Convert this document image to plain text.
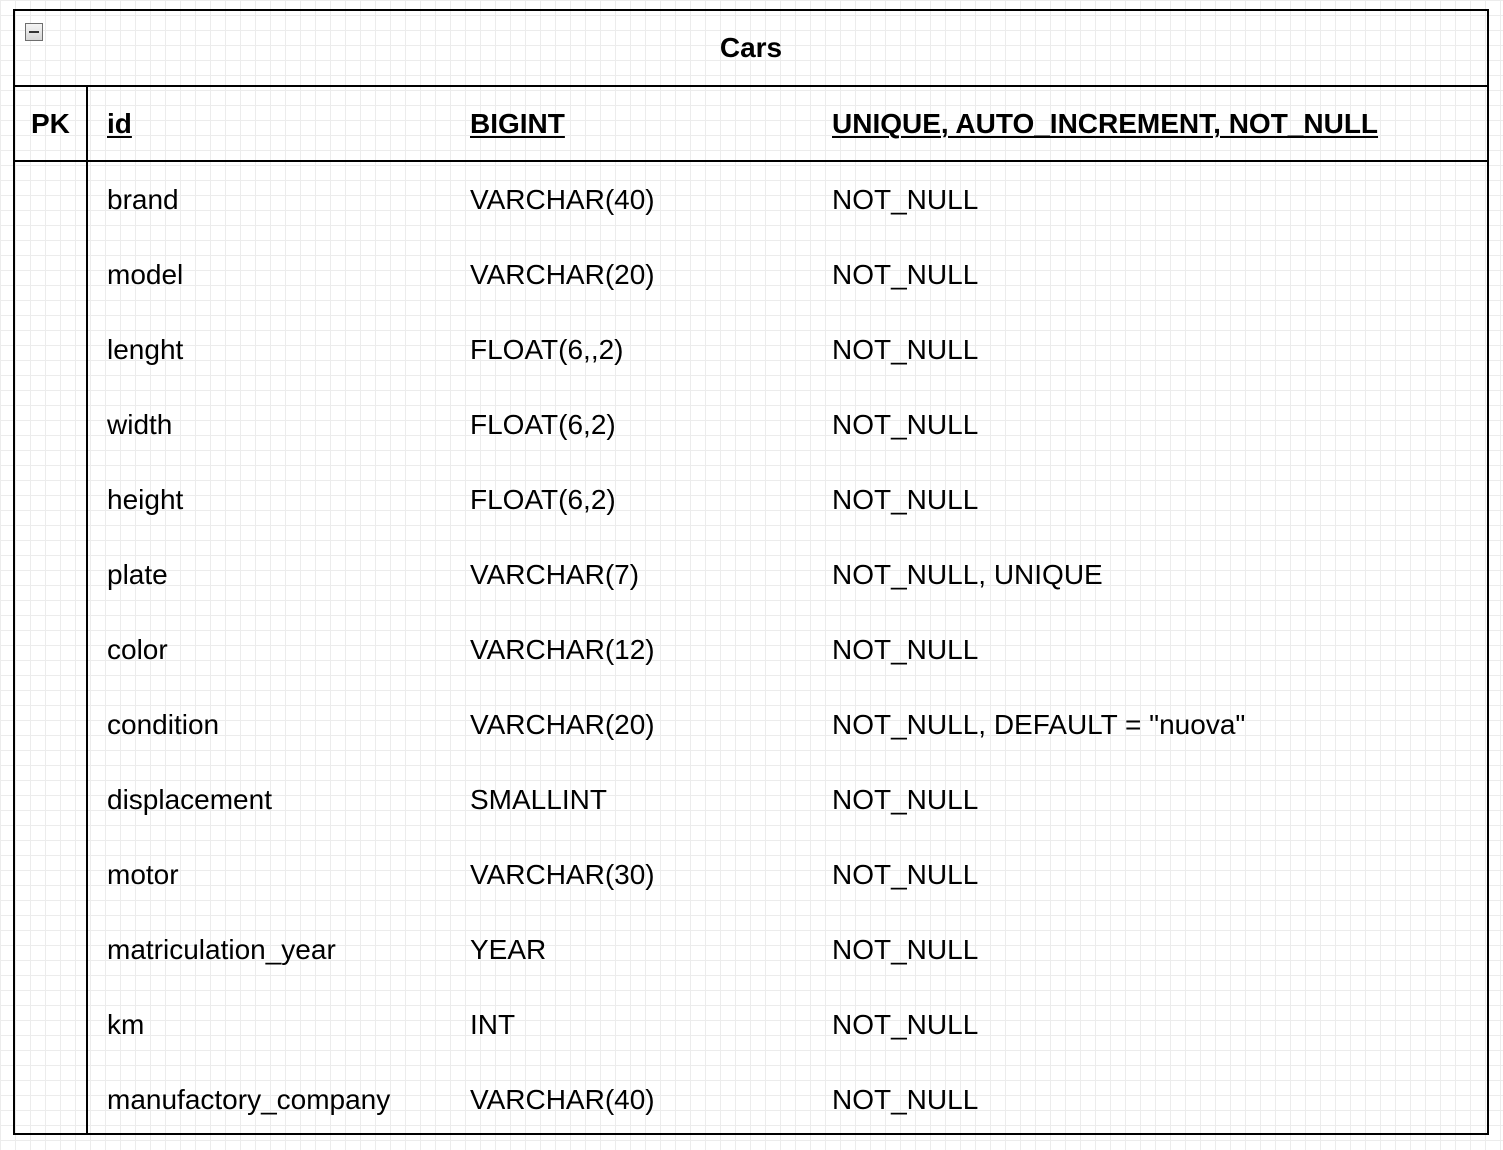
Cars
PK id	BIGINT	UNIQUE, AUTO_INCREMENT, NOT_NULL
brand	VARCHAR(40)	NOT_NULL
model	VARCHAR(20)	NOT_NULL
lenght	FLOAT(6,,2)	NOT_NULL
width	FLOAT(6,2)	NOT_NULL
height	FLOAT(6,2)	NOT_NULL
plate	VARCHAR(7)	NOT_NULL, UNIQUE
color	VARCHAR(12)	NOT_NULL
condition	VARCHAR(20)	NOT_NULL, DEFAULT = "nuova"
displacement	SMALLINT	NOT_NULL
motor	VARCHAR(30)	NOT_NULL
matriculation_year	YEAR	NOT_NULL
km	INT	NOT_NULL
manufactory_company	VARCHAR(40)	NOT_NULL
